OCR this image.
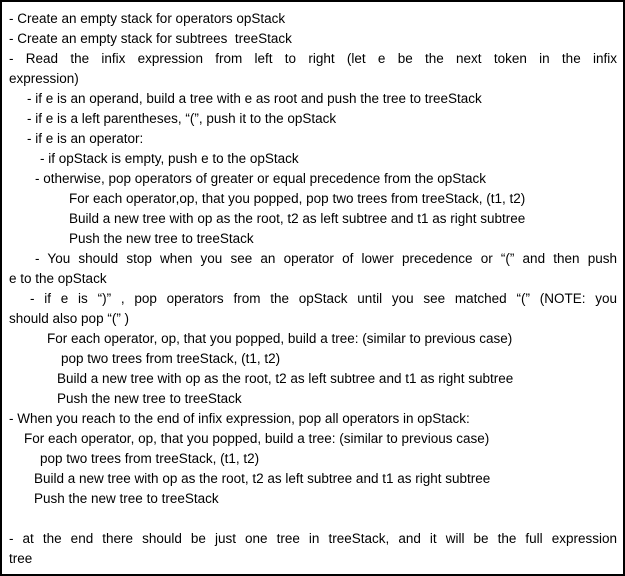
- Create an empty stack for operators opStack
- Create an empty stack for subtrees  treeStack
- Read the infix expression from left to right (let e be the next token in the infix
expression)
- if e is an operand, build a tree with e as root and push the tree to treeStack
- if e is a left parentheses, “(”, push it to the opStack
- if e is an operator:
- if opStack is empty, push e to the opStack
- otherwise, pop operators of greater or equal precedence from the opStack
For each operator,op, that you popped, pop two trees from treeStack, (t1, t2)
Build a new tree with op as the root, t2 as left subtree and t1 as right subtree
Push the new tree to treeStack
- You should stop when you see an operator of lower precedence or “(” and then push
e to the opStack
- if e is “)” , pop operators from the opStack until you see matched “(” (NOTE: you
should also pop “(” )
For each operator, op, that you popped, build a tree: (similar to previous case)
pop two trees from treeStack, (t1, t2)
Build a new tree with op as the root, t2 as left subtree and t1 as right subtree
Push the new tree to treeStack
- When you reach to the end of infix expression, pop all operators in opStack:
For each operator, op, that you popped, build a tree: (similar to previous case)
pop two trees from treeStack, (t1, t2)
Build a new tree with op as the root, t2 as left subtree and t1 as right subtree
Push the new tree to treeStack
- at the end there should be just one tree in treeStack, and it will be the full expression
tree
